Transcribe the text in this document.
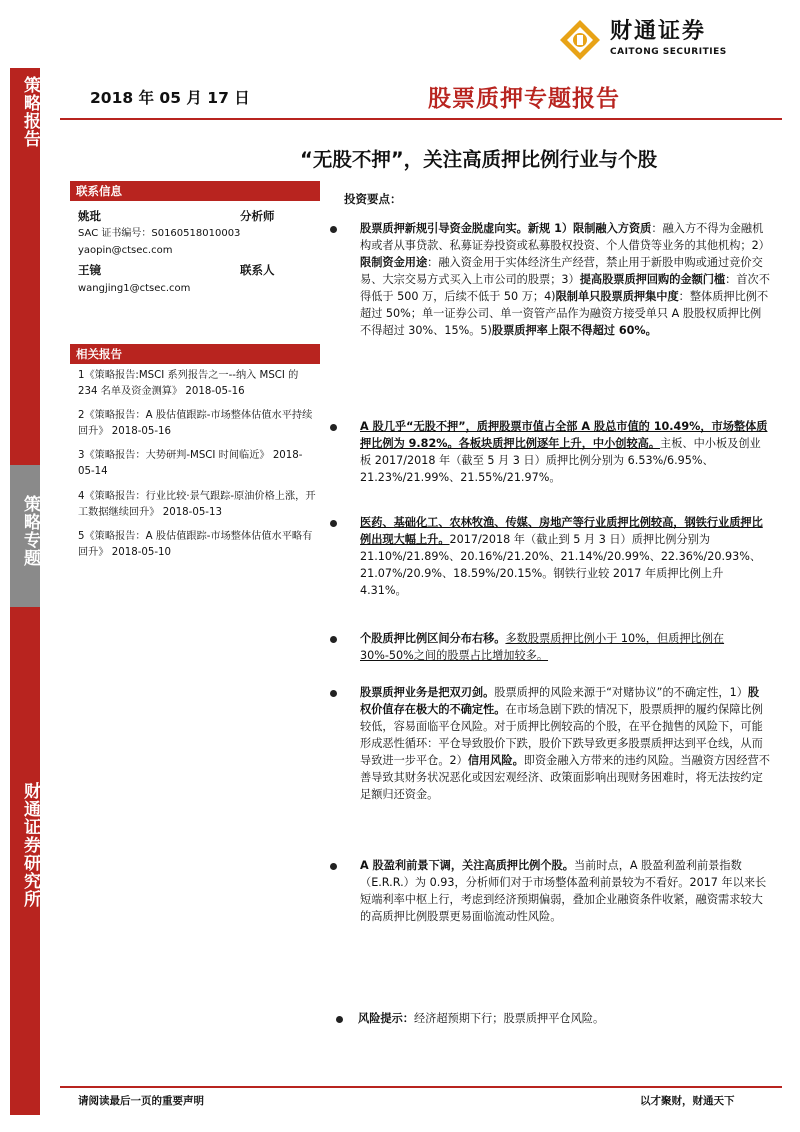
财通证券
CAITONG SECURITIES
策略报告
策略专题
财通证券研究所
2018 年 05 月 17 日	股票质押专题报告
“无股不押”，关注高质押比例行业与个股
联系信息
姚玭	分析师
SAC 证书编号：S0160518010003
yaopin@ctsec.com
王镜	联系人
wangjing1@ctsec.com
相关报告
1《策略报告:MSCI 系列报告之一--纳入 MSCI 的 234 名单及资金测算》 2018-05-16
2《策略报告：A 股估值跟踪-市场整体估值水平持续回升》 2018-05-16
3《策略报告：大势研判-MSCI 时间临近》 2018-05-14
4《策略报告：行业比较·景气跟踪-原油价格上涨，开工数据继续回升》 2018-05-13
5《策略报告：A 股估值跟踪-市场整体估值水平略有回升》 2018-05-10
投资要点：
股票质押新规引导资金脱虚向实。新规 1）限制融入方资质：融入方不得为金融机构或者从事贷款、私募证券投资或私募股权投资、个人借贷等业务的其他机构；2）限制资金用途：融入资金用于实体经济生产经营，禁止用于新股申购或通过竞价交易、大宗交易方式买入上市公司的股票；3）提高股票质押回购的金额门槛：首次不得低于 500 万，后续不低于 50 万；4)限制单只股票质押集中度：整体质押比例不超过 50%；单一证券公司、单一资管产品作为融资方接受单只 A 股股权质押比例不得超过 30%、15%。5)股票质押率上限不得超过 60%。
A 股几乎“无股不押”，质押股票市值占全部 A 股总市值的 10.49%，市场整体质押比例为 9.82%。各板块质押比例逐年上升，中小创较高。主板、中小板及创业板 2017/2018 年（截至 5 月 3 日）质押比例分别为 6.53%/6.95%、21.23%/21.99%、21.55%/21.97%。
医药、基础化工、农林牧渔、传媒、房地产等行业质押比例较高，钢铁行业质押比例出现大幅上升。2017/2018 年（截止到 5 月 3 日）质押比例分别为 21.10%/21.89%、20.16%/21.20%、21.14%/20.99%、22.36%/20.93%、21.07%/20.9%、18.59%/20.15%。钢铁行业较 2017 年质押比例上升 4.31%。
个股质押比例区间分布右移。多数股票质押比例小于 10%，但质押比例在 30%-50%之间的股票占比增加较多。
股票质押业务是把双刃剑。股票质押的风险来源于“对赌协议”的不确定性，1）股权价值存在极大的不确定性。在市场急剧下跌的情况下，股票质押的履约保障比例较低，容易面临平仓风险。对于质押比例较高的个股，在平仓抛售的风险下，可能形成恶性循环：平仓导致股价下跌，股价下跌导致更多股票质押达到平仓线，从而导致进一步平仓。2）信用风险。即资金融入方带来的违约风险。当融资方因经营不善导致其财务状况恶化或因宏观经济、政策面影响出现财务困难时，将无法按约定足额归还资金。
A 股盈利前景下调，关注高质押比例个股。当前时点，A 股盈利盈利前景指数（E.R.R.）为 0.93，分析师们对于市场整体盈利前景较为不看好。2017 年以来长短端利率中枢上行，考虑到经济预期偏弱，叠加企业融资条件收紧，融资需求较大的高质押比例股票更易面临流动性风险。
风险提示：经济超预期下行；股票质押平仓风险。
请阅读最后一页的重要声明	以才聚财，财通天下
